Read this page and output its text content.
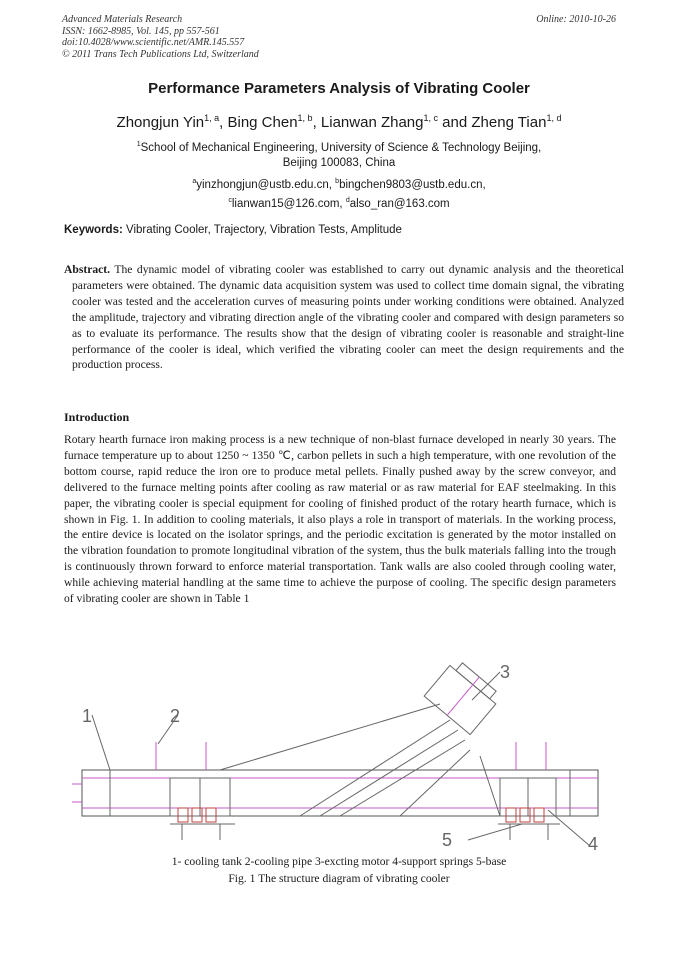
Advanced Materials Research
ISSN: 1662-8985, Vol. 145, pp 557-561
doi:10.4028/www.scientific.net/AMR.145.557
© 2011 Trans Tech Publications Ltd, Switzerland
Online: 2010-10-26
Performance Parameters Analysis of Vibrating Cooler
Zhongjun Yin$^{1, a}$, Bing Chen$^{1, b}$, Lianwan Zhang$^{1, c}$ and Zheng Tian$^{1, d}$
$^1$School of Mechanical Engineering, University of Science & Technology Beijing,
Beijing 100083, China
$^a$yinzhongjun@ustb.edu.cn, $^b$bingchen9803@ustb.edu.cn,
$^c$lianwan15@126.com, $^d$also_ran@163.com
Keywords: Vibrating Cooler, Trajectory, Vibration Tests, Amplitude
Abstract. The dynamic model of vibrating cooler was established to carry out dynamic analysis and the theoretical parameters were obtained. The dynamic data acquisition system was used to collect time domain signal, the vibrating cooler was tested and the acceleration curves of measuring points under working conditions were obtained. Analyzed the amplitude, trajectory and vibrating direction angle of the vibrating cooler and compared with design parameters so as to evaluate its performance. The results show that the design of vibrating cooler is reasonable and straight-line performance of the cooler is ideal, which verified the vibrating cooler can meet the design requirements and the production process.
Introduction
Rotary hearth furnace iron making process is a new technique of non-blast furnace developed in nearly 30 years. The furnace temperature up to about 1250 ~ 1350 ℃, carbon pellets in such a high temperature, with one revolution of the bottom course, rapid reduce the iron ore to produce metal pellets. Finally pushed away by the screw conveyor, and delivered to the furnace melting points after cooling as raw material or as raw material for EAF steelmaking. In this paper, the vibrating cooler is special equipment for cooling of finished product of the rotary hearth furnace, which is shown in Fig. 1. In addition to cooling materials, it also plays a role in transport of materials. In the working process, the entire device is located on the isolator springs, and the periodic excitation is generated by the motor installed on the vibration foundation to promote longitudinal vibration of the system, thus the bulk materials falling into the trough is continuously thrown forward to enforce material transportation. Tank walls are also cooled through cooling water, while achieving material handling at the same time to achieve the purpose of cooling. The specific design parameters of vibrating cooler are shown in Table 1
1	2
3
4
5
1- cooling tank 2-cooling pipe 3-excting motor 4-support springs 5-base
Fig. 1 The structure diagram of vibrating cooler
